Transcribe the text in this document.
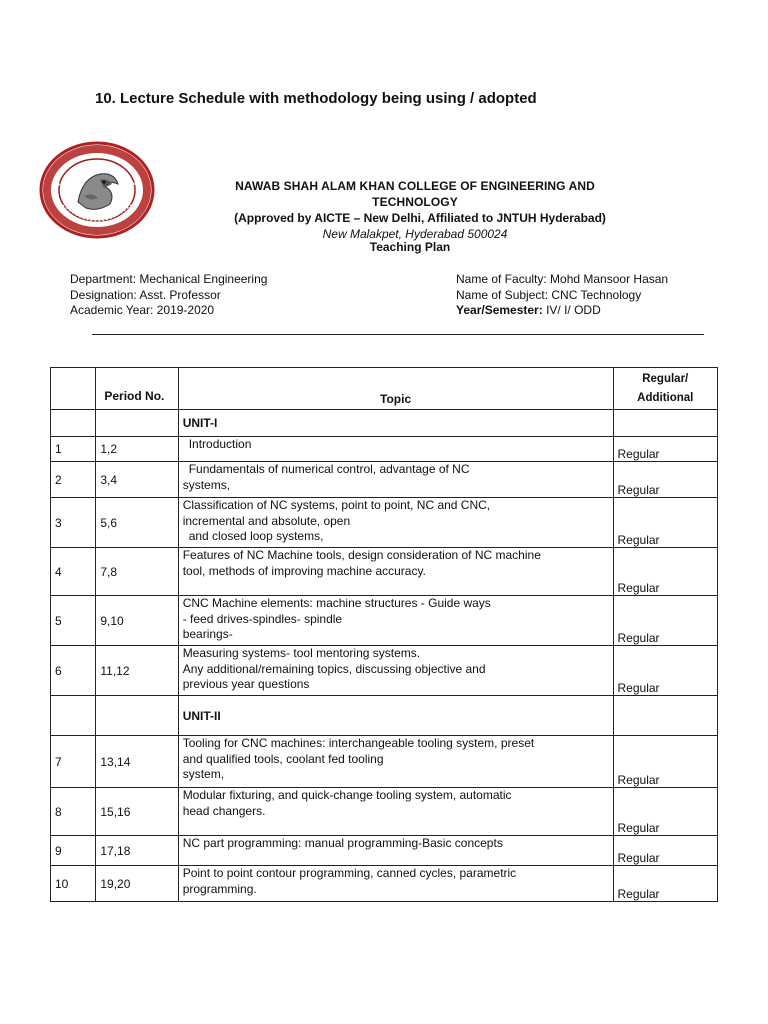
10. Lecture Schedule with methodology being using / adopted
NAWAB SHAH ALAM KHAN COLLEGE OF ENGINEERING AND TECHNOLOGY
(Approved by AICTE – New Delhi, Affiliated to JNTUH Hyderabad)
New Malakpet, Hyderabad 500024
Teaching Plan
Department: Mechanical Engineering
Designation: Asst. Professor
Academic Year: 2019-2020
Name of Faculty: Mohd Mansoor Hasan
Name of Subject: CNC Technology
Year/Semester: IV/ I/ ODD
	Period No.	Topic	Regular/
Additional

		UNIT-I	
1	1,2	Introduction	Regular
2	3,4	Fundamentals of numerical control, advantage of NC
systems,	Regular
3	5,6	Classification of NC systems, point to point, NC and CNC,
incremental and absolute, open
and closed loop systems,	Regular
4	7,8	Features of NC Machine tools, design consideration of NC machine
tool, methods of improving machine accuracy.	Regular
5	9,10	CNC Machine elements: machine structures - Guide ways
- feed drives-spindles- spindle
bearings-	Regular
6	11,12	Measuring systems- tool mentoring systems.
Any additional/remaining topics, discussing objective and
previous year questions	Regular
		UNIT-II	
7	13,14	Tooling for CNC machines: interchangeable tooling system, preset
and qualified tools, coolant fed tooling
system,	Regular
8	15,16	Modular fixturing, and quick-change tooling system, automatic
head changers.	Regular
9	17,18	NC part programming: manual programming-Basic concepts	Regular
10	19,20	Point to point contour programming, canned cycles, parametric
programming.	Regular
